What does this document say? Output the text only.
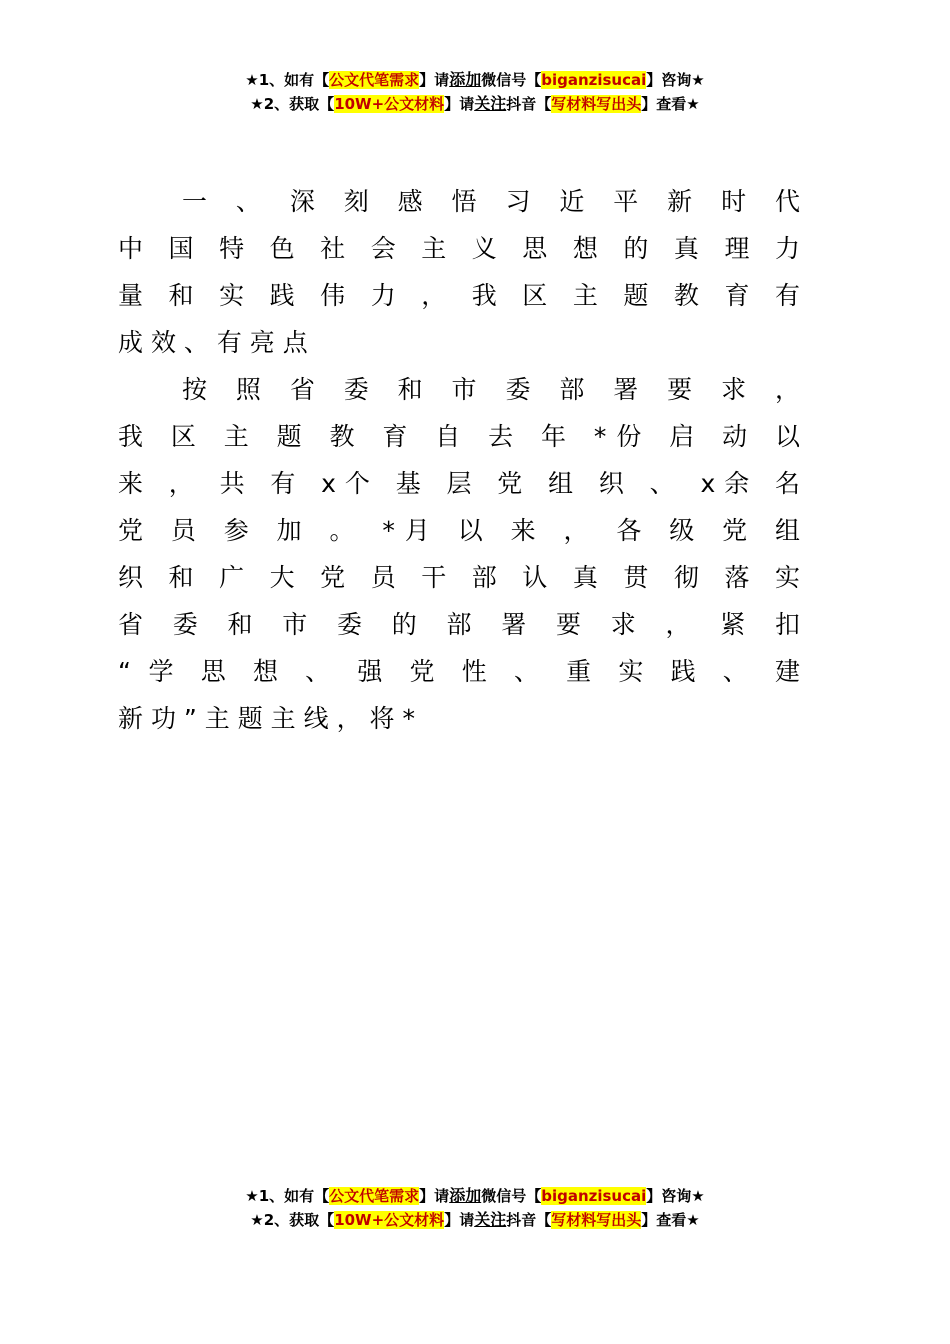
★1、如有【公文代笔需求】请添加微信号【biganzisucai】咨询★
★2、获取【10W+公文材料】请关注抖音【写材料写出头】查看★
一 、 深 刻 感 悟 习 近 平 新 时 代
中 国 特 色 社 会 主 义 思 想 的 真 理 力
量 和 实 践 伟 力 ， 我 区 主 题 教 育 有
成 效 、 有 亮 点
按 照 省 委 和 市 委 部 署 要 求 ，
我 区 主 题 教 育 自 去 年 *份 启 动 以
来 ， 共 有 x个 基 层 党 组 织 、 x余 名
党 员 参 加 。 *月 以 来 ， 各 级 党 组
织 和 广 大 党 员 干 部 认 真 贯 彻 落 实
省 委 和 市 委 的 部 署 要 求 ， 紧 扣
“ 学 思 想 、 强 党 性 、 重 实 践 、 建
新 功 ” 主 题 主 线 ， 将 *
★1、如有【公文代笔需求】请添加微信号【biganzisucai】咨询★
★2、获取【10W+公文材料】请关注抖音【写材料写出头】查看★
